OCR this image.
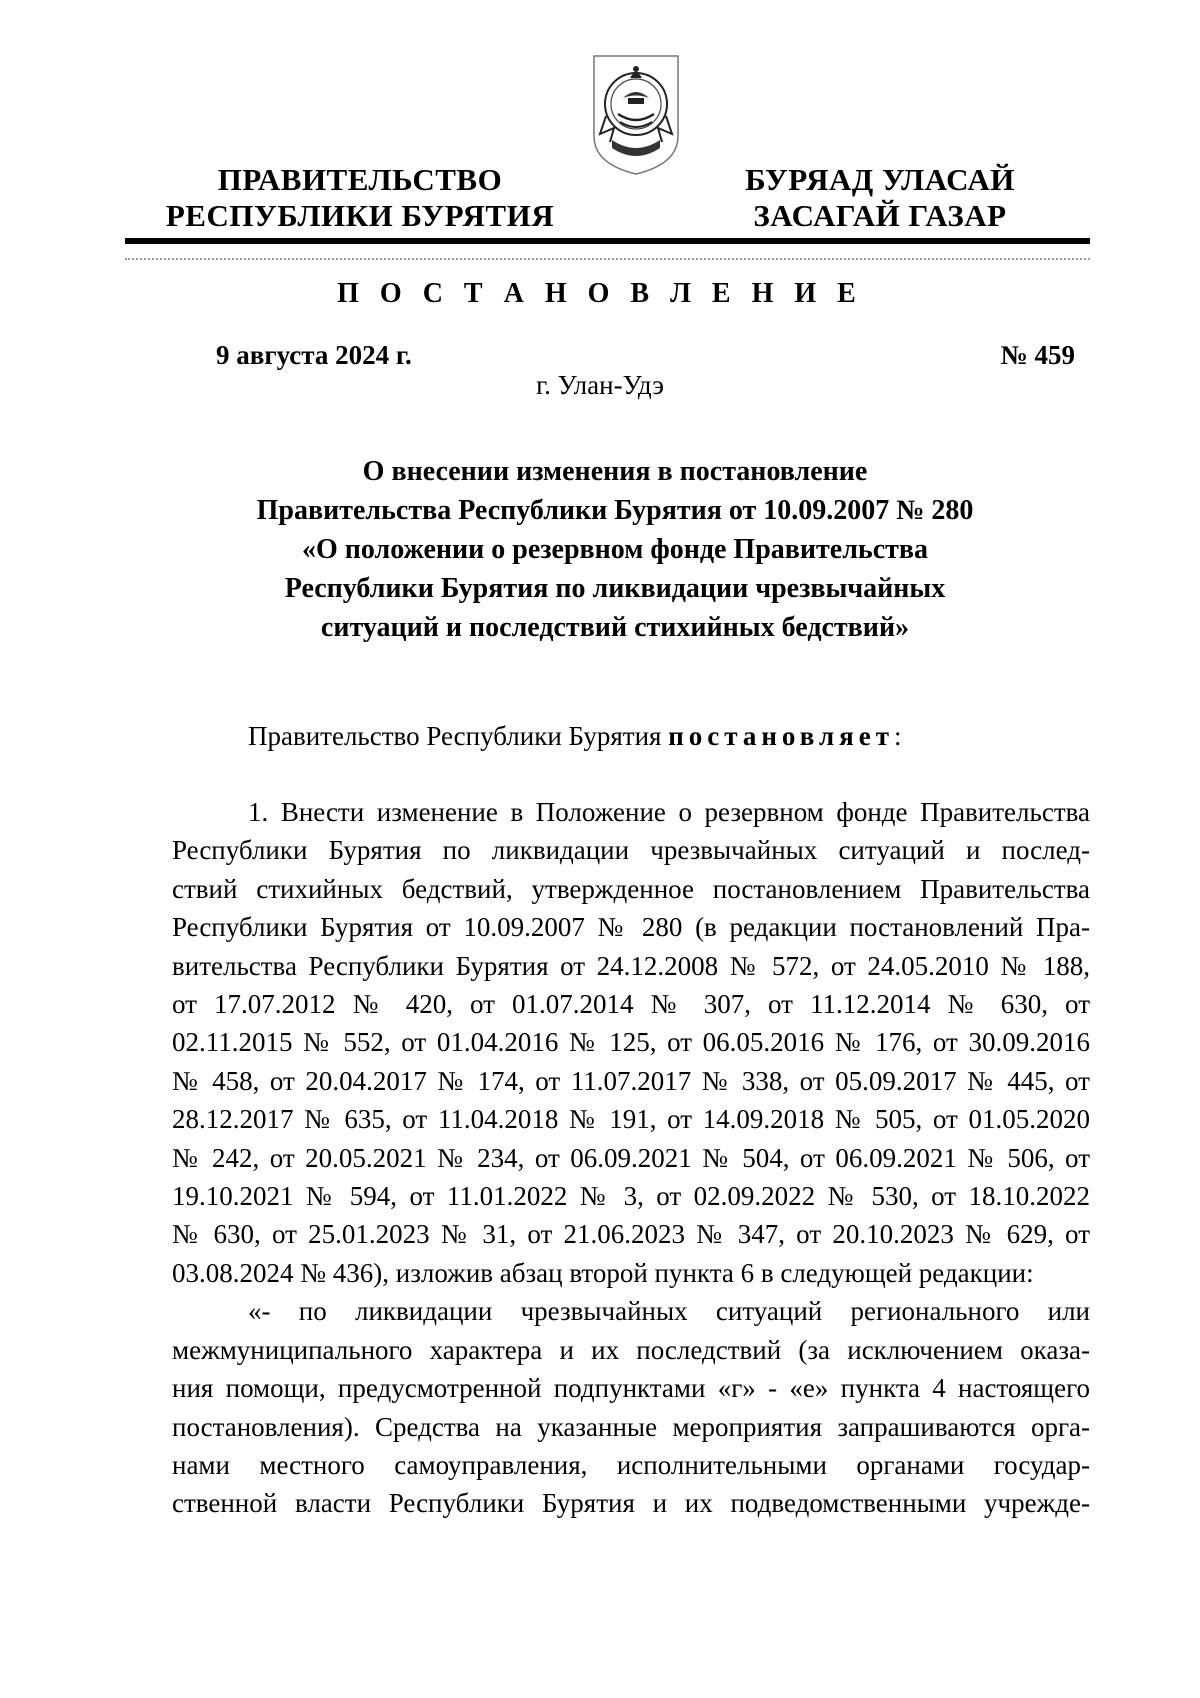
ПРАВИТЕЛЬСТВО
РЕСПУБЛИКИ БУРЯТИЯ
БУРЯАД УЛАСАЙ
ЗАСАГАЙ ГАЗАР
П О С Т А Н О В Л Е Н И Е
9 августа 2024 г.	№ 459
г. Улан-Удэ
О внесении изменения в постановление
Правительства Республики Бурятия от 10.09.2007 № 280
«О положении о резервном фонде Правительства
Республики Бурятия по ликвидации чрезвычайных
ситуаций и последствий стихийных бедствий»
Правительство Республики Бурятия постановляет:

1. Внести изменение в Положение о резервном фонде Правительства
Республики Бурятия по ликвидации чрезвычайных ситуаций и послед-
ствий стихийных бедствий, утвержденное постановлением Правительства
Республики Бурятия от 10.09.2007 № 280 (в редакции постановлений Пра-
вительства Республики Бурятия от 24.12.2008 № 572, от 24.05.2010 № 188,
от 17.07.2012 № 420, от 01.07.2014 № 307, от 11.12.2014 № 630, от
02.11.2015 № 552, от 01.04.2016 № 125, от 06.05.2016 № 176, от 30.09.2016
№ 458, от 20.04.2017 № 174, от 11.07.2017 № 338, от 05.09.2017 № 445, от
28.12.2017 № 635, от 11.04.2018 № 191, от 14.09.2018 № 505, от 01.05.2020
№ 242, от 20.05.2021 № 234, от 06.09.2021 № 504, от 06.09.2021 № 506, от
19.10.2021 № 594, от 11.01.2022 № 3, от 02.09.2022 № 530, от 18.10.2022
№ 630, от 25.01.2023 № 31, от 21.06.2023 № 347, от 20.10.2023 № 629, от
03.08.2024 № 436), изложив абзац второй пункта 6 в следующей редакции:

«- по ликвидации чрезвычайных ситуаций регионального или
межмуниципального характера и их последствий (за исключением оказа-
ния помощи, предусмотренной подпунктами «г» - «е» пункта 4 настоящего
постановления). Средства на указанные мероприятия запрашиваются орга-
нами местного самоуправления, исполнительными органами государ-
ственной власти Республики Бурятия и их подведомственными учрежде-
